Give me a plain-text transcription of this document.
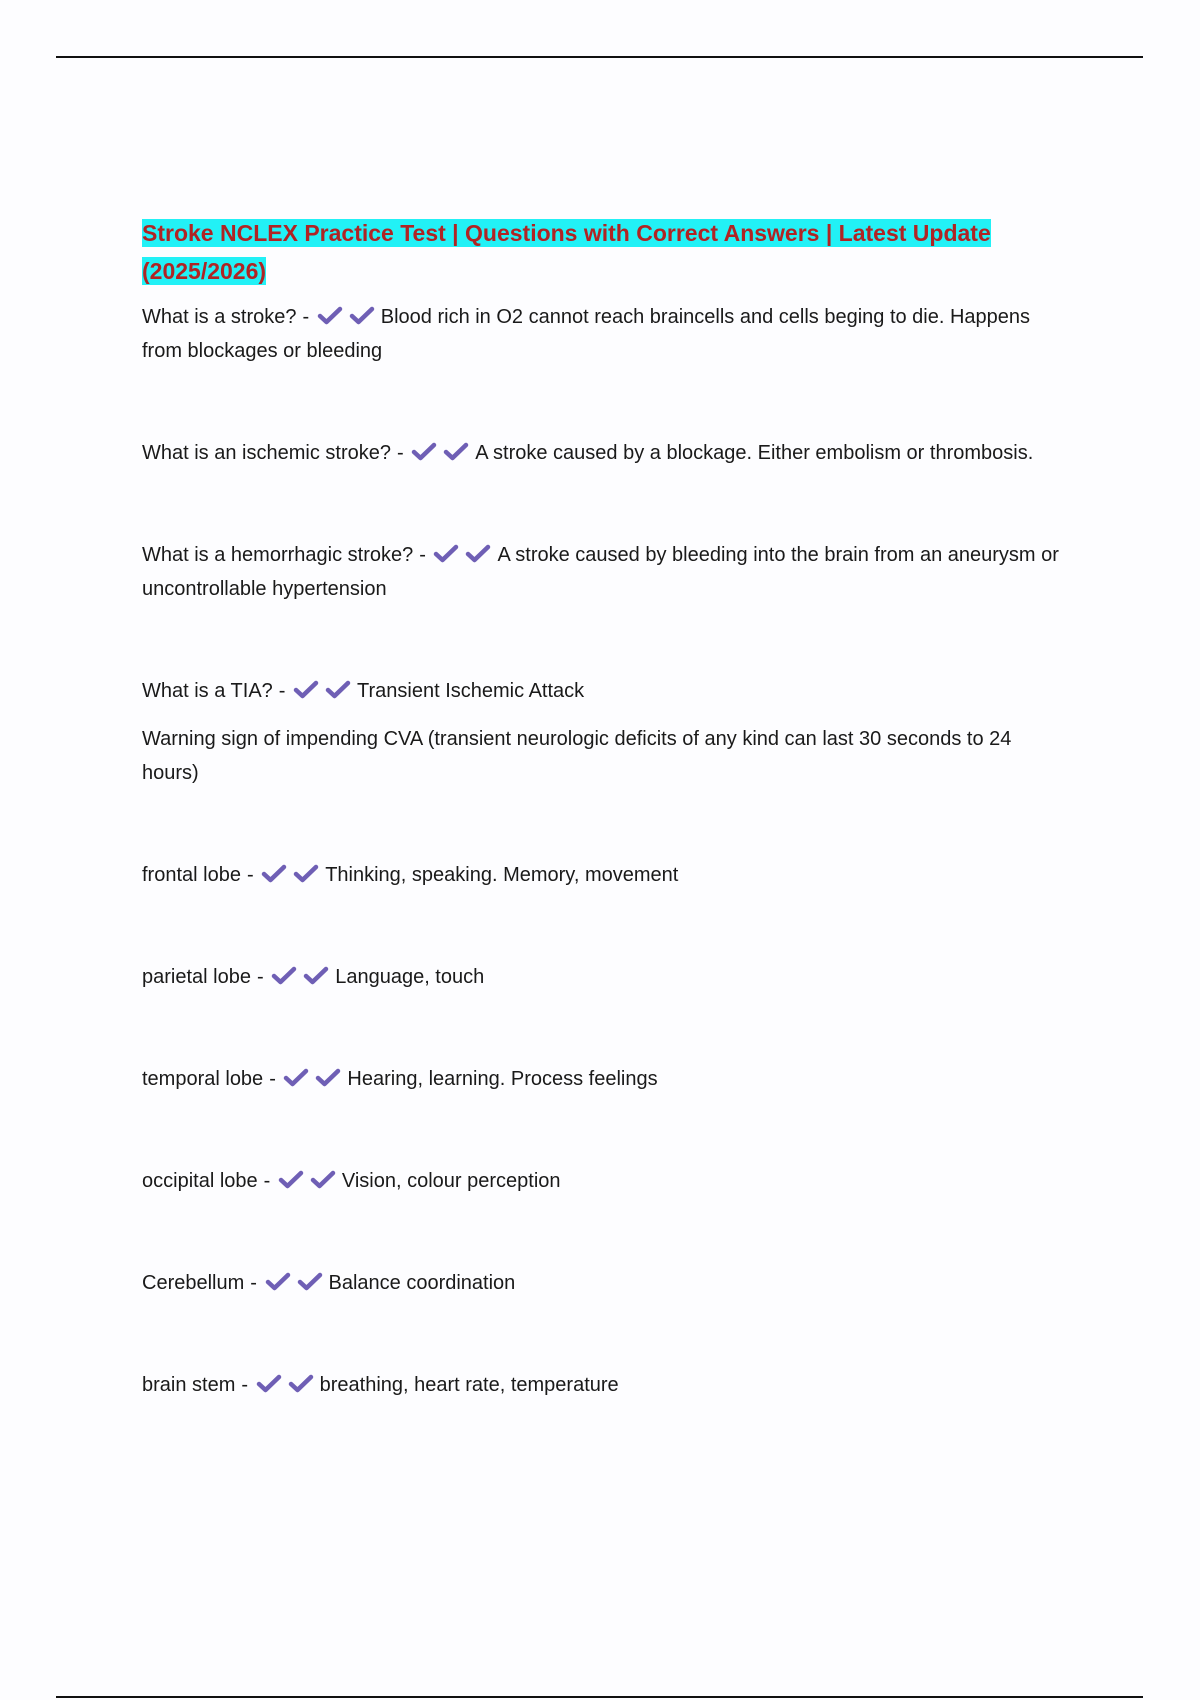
Stroke NCLEX Practice Test | Questions with Correct Answers | Latest Update (2025/2026)

What is a stroke? -	Blood rich in O2 cannot reach braincells and cells beging to die. Happens from blockages or bleeding

What is an ischemic stroke? -	A stroke caused by a blockage. Either embolism or thrombosis.

What is a hemorrhagic stroke? -	A stroke caused by bleeding into the brain from an aneurysm or uncontrollable hypertension

What is a TIA? -	Transient Ischemic Attack

Warning sign of impending CVA (transient neurologic deficits of any kind can last 30 seconds to 24 hours)

frontal lobe -	Thinking, speaking. Memory, movement

parietal lobe -	Language, touch

temporal lobe -	Hearing, learning. Process feelings

occipital lobe -	Vision, colour perception

Cerebellum -	Balance coordination

brain stem -	breathing, heart rate, temperature
